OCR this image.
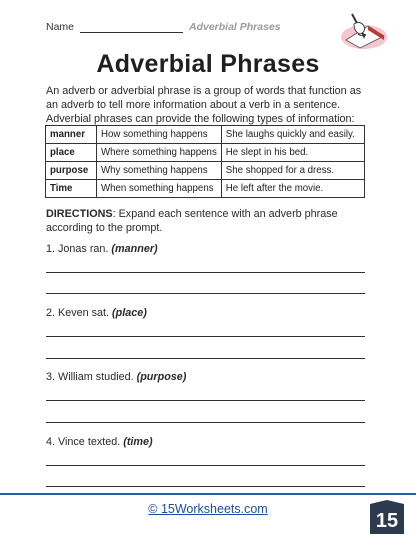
Name	Adverbial Phrases
Adverbial Phrases
An adverb or adverbial phrase is a group of words that function as an adverb to tell more information about a verb in a sentence. Adverbial phrases can provide the following types of information:
manner	How something happens	She laughs quickly and easily.
place	Where something happens	He slept in his bed.
purpose	Why something happens	She shopped for a dress.
Time	When something happens	He left after the movie.
DIRECTIONS: Expand each sentence with an adverb phrase according to the prompt.
1. Jonas ran. (manner)
2. Keven sat. (place)
3. William studied. (purpose)
4. Vince texted. (time)
© 15Worksheets.com
15
